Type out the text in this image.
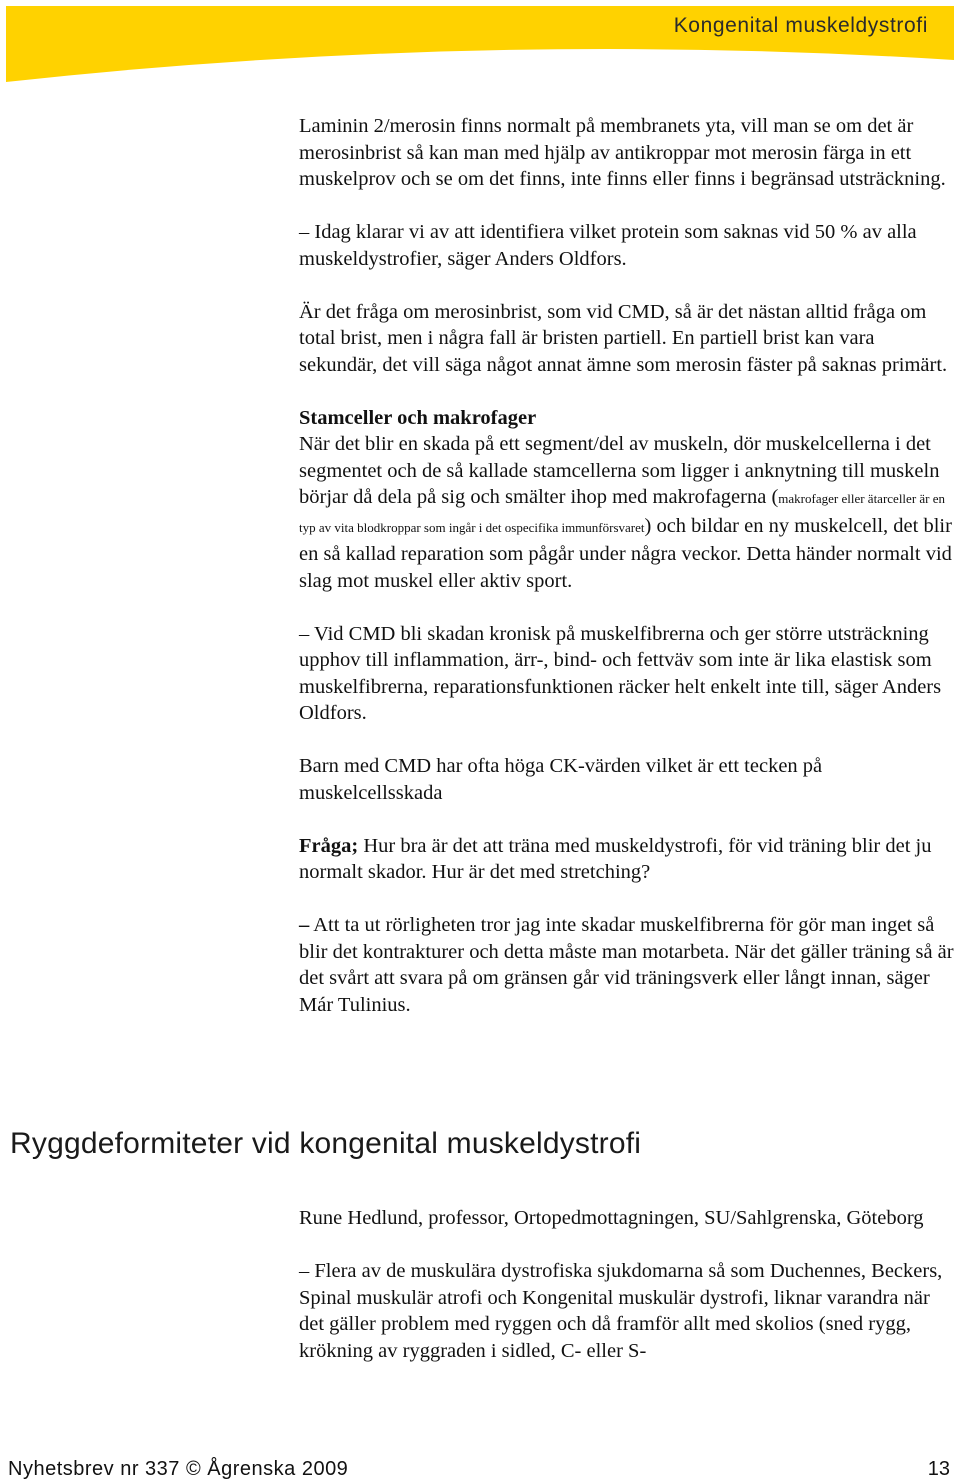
Kongenital muskeldystrofi

Laminin 2/merosin finns normalt på membranets yta, vill man se om det är merosinbrist så kan man med hjälp av antikroppar mot merosin färga in ett muskelprov och se om det finns, inte finns eller finns i begränsad utsträckning.

– Idag klarar vi av att identifiera vilket protein som saknas vid 50 % av alla muskeldystrofier, säger Anders Oldfors.

Är det fråga om merosinbrist, som vid CMD, så är det nästan alltid fråga om total brist, men i några fall är bristen partiell. En partiell brist kan vara sekundär, det vill säga något annat ämne som merosin fäster på saknas primärt.

Stamceller och makrofager
När det blir en skada på ett segment/del av muskeln, dör muskelcellerna i det segmentet och de så kallade stamcellerna som ligger i anknytning till muskeln börjar då dela på sig och smälter ihop med makrofagerna (makrofager eller ätarceller är en typ av vita blodkroppar som ingår i det ospecifika immunförsvaret) och bildar en ny muskelcell, det blir en så kallad reparation som pågår under några veckor. Detta händer normalt vid slag mot muskel eller aktiv sport.

– Vid CMD bli skadan kronisk på muskelfibrerna och ger större utsträckning upphov till inflammation, ärr-, bind- och fettväv som inte är lika elastisk som muskelfibrerna, reparationsfunktionen räcker helt enkelt inte till, säger Anders Oldfors.

Barn med CMD har ofta höga CK-värden vilket är ett tecken på muskelcellsskada

Fråga; Hur bra är det att träna med muskeldystrofi, för vid träning blir det ju normalt skador. Hur är det med stretching?

– Att ta ut rörligheten tror jag inte skadar muskelfibrerna för gör man inget så blir det kontrakturer och detta måste man motarbeta. När det gäller träning så är det svårt att svara på om gränsen går vid träningsverk eller långt innan, säger Már Tulinius.

Ryggdeformiteter vid kongenital muskeldystrofi

Rune Hedlund, professor, Ortopedmottagningen, SU/Sahlgrenska, Göteborg

– Flera av de muskulära dystrofiska sjukdomarna så som Duchennes, Beckers, Spinal muskulär atrofi och Kongenital muskulär dystrofi, liknar varandra när det gäller problem med ryggen och då framför allt med skolios (sned rygg, krökning av ryggraden i sidled, C- eller S-

Nyhetsbrev nr 337 © Ågrenska 2009	13
